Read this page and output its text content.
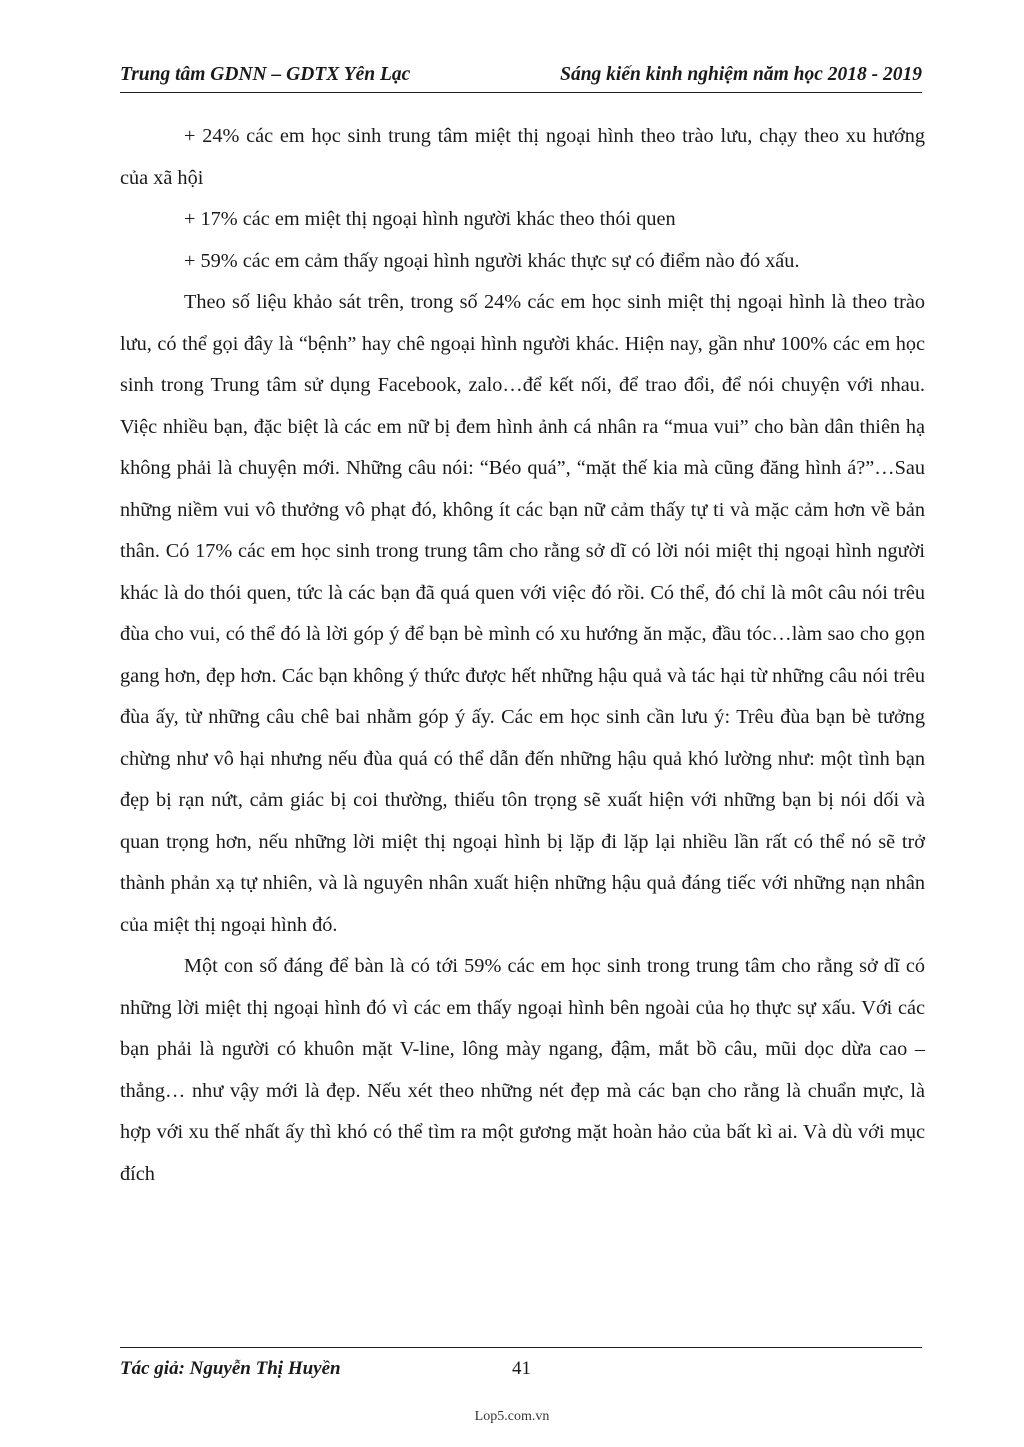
Trung tâm GDNN – GDTX Yên Lạc	Sáng kiến kinh nghiệm năm học 2018 - 2019

+ 24% các em học sinh trung tâm miệt thị ngoại hình theo trào lưu, chạy theo xu hướng của xã hội

+ 17% các em miệt thị ngoại hình người khác theo thói quen

+ 59% các em cảm thấy ngoại hình người khác thực sự có điểm nào đó xấu.

Theo số liệu khảo sát trên, trong số 24% các em học sinh miệt thị ngoại hình là theo trào lưu, có thể gọi đây là “bệnh” hay chê ngoại hình người khác. Hiện nay, gần như 100% các em học sinh trong Trung tâm sử dụng Facebook, zalo…để kết nối, để trao đổi, để nói chuyện với nhau. Việc nhiều bạn, đặc biệt là các em nữ bị đem hình ảnh cá nhân ra “mua vui” cho bàn dân thiên hạ không phải là chuyện mới. Những câu nói: “Béo quá”, “mặt thế kia mà cũng đăng hình á?”…Sau những niềm vui vô thưởng vô phạt đó, không ít các bạn nữ cảm thấy tự ti và mặc cảm hơn về bản thân. Có 17% các em học sinh trong trung tâm cho rằng sở dĩ có lời nói miệt thị ngoại hình người khác là do thói quen, tức là các bạn đã quá quen với việc đó rồi. Có thể, đó chỉ là môt câu nói trêu đùa cho vui, có thể đó là lời góp ý để bạn bè mình có xu hướng ăn mặc, đầu tóc…làm sao cho gọn gang hơn, đẹp hơn. Các bạn không ý thức được hết những hậu quả và tác hại từ những câu nói trêu đùa ấy, từ những câu chê bai nhằm góp ý ấy. Các em học sinh cần lưu ý: Trêu đùa bạn bè tưởng chừng như vô hại nhưng nếu đùa quá có thể dẫn đến những hậu quả khó lường như: một tình bạn đẹp bị rạn nứt, cảm giác bị coi thường, thiếu tôn trọng sẽ xuất hiện với những bạn bị nói dối và quan trọng hơn, nếu những lời miệt thị ngoại hình bị lặp đi lặp lại nhiều lần rất có thể nó sẽ trở thành phản xạ tự nhiên, và là nguyên nhân xuất hiện những hậu quả đáng tiếc với những nạn nhân của miệt thị ngoại hình đó.

Một con số đáng để bàn là có tới 59% các em học sinh trong trung tâm cho rằng sở dĩ có những lời miệt thị ngoại hình đó vì các em thấy ngoại hình bên ngoài của họ thực sự xấu. Với các bạn phải là người có khuôn mặt V-line, lông mày ngang, đậm, mắt bồ câu, mũi dọc dừa cao – thẳng… như vậy mới là đẹp. Nếu xét theo những nét đẹp mà các bạn cho rằng là chuẩn mực, là hợp với xu thế nhất ấy thì khó có thể tìm ra một gương mặt hoàn hảo của bất kì ai. Và dù với mục đích

Tác giả: Nguyễn Thị Huyền	41
Lop5.com.vn
